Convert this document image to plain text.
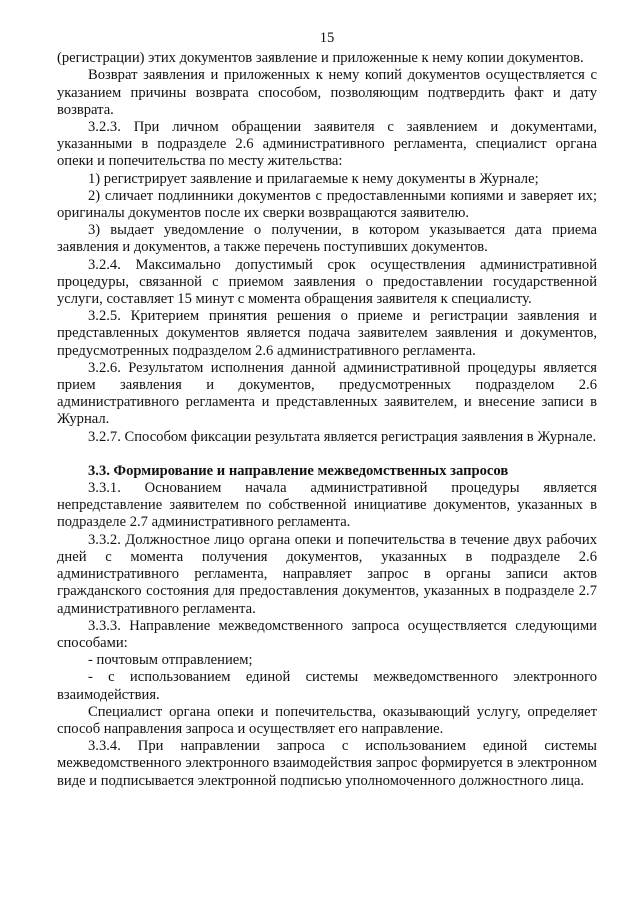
15

(регистрации) этих документов заявление и приложенные к нему копии документов.

Возврат заявления и приложенных к нему копий документов осуществляется с указанием причины возврата способом, позволяющим подтвердить факт и дату возврата.

3.2.3. При личном обращении заявителя с заявлением и документами, указанными в подразделе 2.6 административного регламента, специалист органа опеки и попечительства по месту жительства:

1) регистрирует заявление и прилагаемые к нему документы в Журнале;

2) сличает подлинники документов с предоставленными копиями и заверяет их; оригиналы документов после их сверки возвращаются заявителю.

3) выдает уведомление о получении, в котором указывается дата приема заявления и документов, а также перечень поступивших документов.

3.2.4. Максимально допустимый срок осуществления административной процедуры, связанной с приемом заявления о предоставлении государственной услуги, составляет 15 минут с момента обращения заявителя к специалисту.

3.2.5. Критерием принятия решения о приеме и регистрации заявления и представленных документов является подача заявителем заявления и документов, предусмотренных подразделом 2.6 административного регламента.

3.2.6. Результатом исполнения данной административной процедуры является прием заявления и документов, предусмотренных подразделом 2.6 административного регламента и представленных заявителем, и внесение записи в Журнал.

3.2.7. Способом фиксации результата является регистрация заявления в Журнале.

3.3. Формирование и направление межведомственных запросов

3.3.1. Основанием начала административной процедуры является непредставление заявителем по собственной инициативе документов, указанных в подразделе 2.7 административного регламента.

3.3.2. Должностное лицо органа опеки и попечительства в течение двух рабочих дней с момента получения документов, указанных в подразделе 2.6 административного регламента, направляет запрос в органы записи актов гражданского состояния для предоставления документов, указанных в подразделе 2.7 административного регламента.

3.3.3. Направление межведомственного запроса осуществляется следующими способами:

- почтовым отправлением;

- с использованием единой системы межведомственного электронного взаимодействия.

Специалист органа опеки и попечительства, оказывающий услугу, определяет способ направления запроса и осуществляет его направление.

3.3.4. При направлении запроса с использованием единой системы межведомственного электронного взаимодействия запрос формируется в электронном виде и подписывается электронной подписью уполномоченного должностного лица.
